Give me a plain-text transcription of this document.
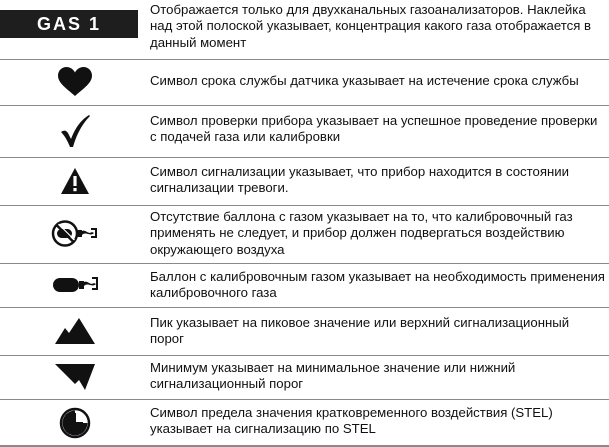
GAS 1
Отображается только для двухканальных газоанализаторов. Наклейка над этой полоской указывает, концентрация какого газа отображается в данный момент
Символ срока службы датчика указывает на истечение срока службы
Символ проверки прибора указывает на успешное проведение проверки с подачей газа или калибровки
Символ сигнализации указывает, что прибор находится в состоянии сигнализации тревоги.
Отсутствие баллона с газом указывает на то, что калибровочный газ применять не следует, и прибор должен подвергаться воздействию окружающего воздуха
Баллон с калибровочным газом указывает на необходимость применения калибровочного газа
Пик указывает на пиковое значение или верхний сигнализационный порог
Минимум указывает на минимальное значение или нижний сигнализационный порог
Символ предела значения кратковременного воздействия (STEL) указывает на сигнализацию по STEL
